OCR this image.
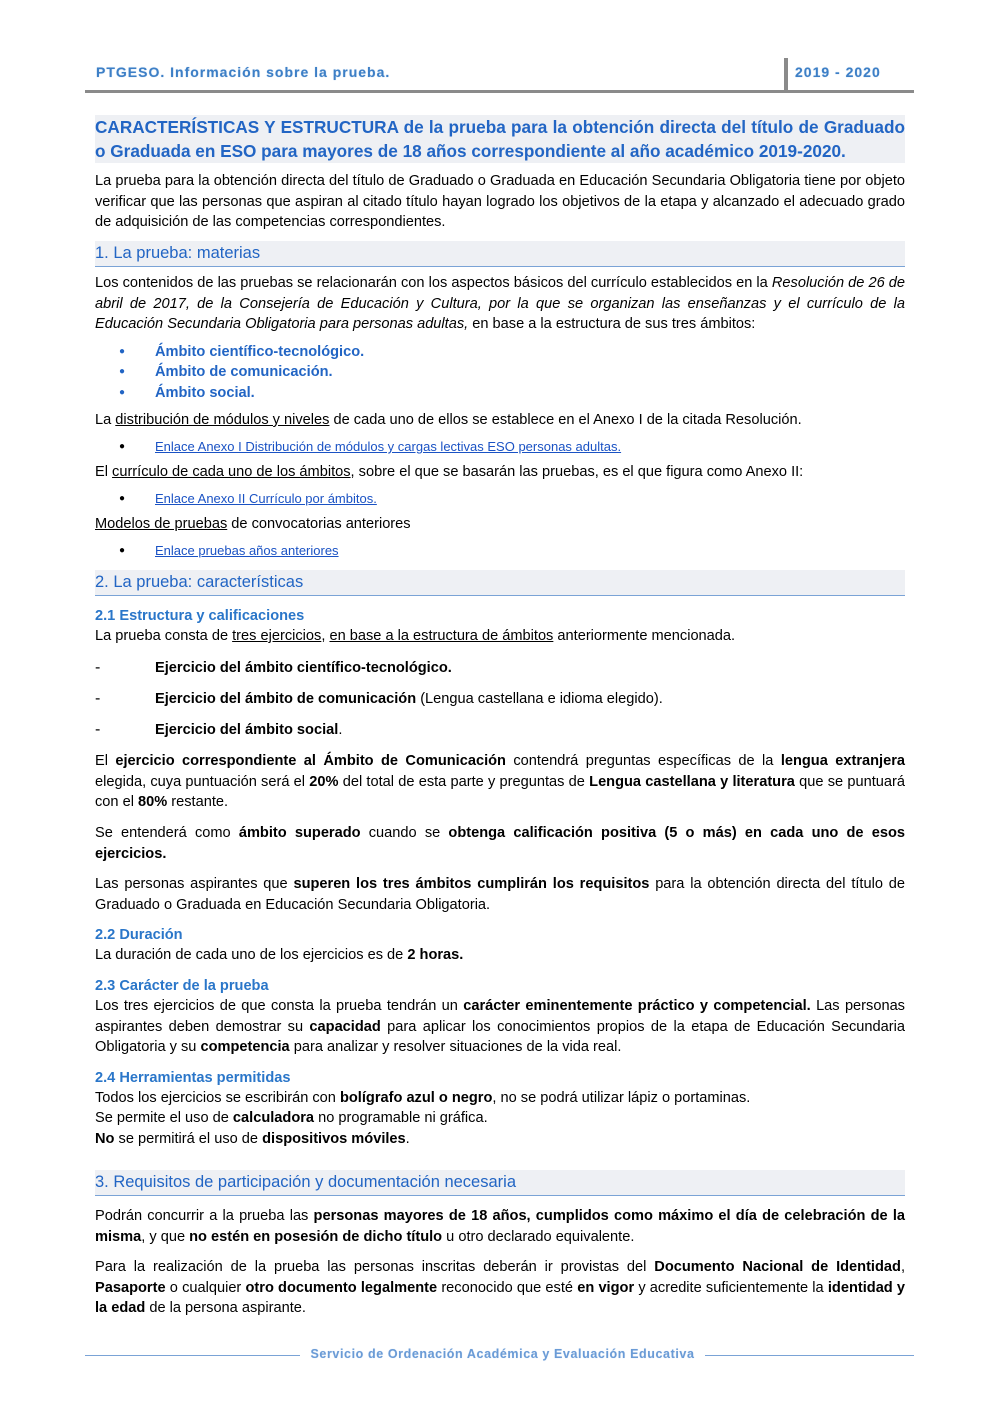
PTGESO. Información sobre la prueba.	2019 - 2020
CARACTERÍSTICAS Y ESTRUCTURA de la prueba para la obtención directa del título de Graduado o Graduada en ESO para mayores de 18 años correspondiente al año académico 2019-2020.
La prueba para la obtención directa del título de Graduado o Graduada en Educación Secundaria Obligatoria tiene por objeto verificar que las personas que aspiran al citado título hayan logrado los objetivos de la etapa y alcanzado el adecuado grado de adquisición de las competencias correspondientes.
1. La prueba: materias
Los contenidos de las pruebas se relacionarán con los aspectos básicos del currículo establecidos en la Resolución de 26 de abril de 2017, de la Consejería de Educación y Cultura, por la que se organizan las enseñanzas y el currículo de la Educación Secundaria Obligatoria para personas adultas, en base a la estructura de sus tres ámbitos:
● Ámbito científico-tecnológico.
● Ámbito de comunicación.
● Ámbito social.
La distribución de módulos y niveles de cada uno de ellos se establece en el Anexo I de la citada Resolución.
● Enlace Anexo I Distribución de módulos y cargas lectivas ESO personas adultas.
El currículo de cada uno de los ámbitos, sobre el que se basarán las pruebas, es el que figura como Anexo II:
● Enlace Anexo II Currículo por ámbitos.
Modelos de pruebas de convocatorias anteriores
● Enlace pruebas años anteriores
2. La prueba: características
2.1 Estructura y calificaciones
La prueba consta de tres ejercicios, en base a la estructura de ámbitos anteriormente mencionada.
-	Ejercicio del ámbito científico-tecnológico.
-	Ejercicio del ámbito de comunicación (Lengua castellana e idioma elegido).
-	Ejercicio del ámbito social.
El ejercicio correspondiente al Ámbito de Comunicación contendrá preguntas específicas de la lengua extranjera elegida, cuya puntuación será el 20% del total de esta parte y preguntas de Lengua castellana y literatura que se puntuará con el 80% restante.
Se entenderá como ámbito superado cuando se obtenga calificación positiva (5 o más) en cada uno de esos ejercicios.
Las personas aspirantes que superen los tres ámbitos cumplirán los requisitos para la obtención directa del título de Graduado o Graduada en Educación Secundaria Obligatoria.
2.2 Duración
La duración de cada uno de los ejercicios es de 2 horas.
2.3 Carácter de la prueba
Los tres ejercicios de que consta la prueba tendrán un carácter eminentemente práctico y competencial. Las personas aspirantes deben demostrar su capacidad para aplicar los conocimientos propios de la etapa de Educación Secundaria Obligatoria y su competencia para analizar y resolver situaciones de la vida real.
2.4 Herramientas permitidas
Todos los ejercicios se escribirán con bolígrafo azul o negro, no se podrá utilizar lápiz o portaminas.
Se permite el uso de calculadora no programable ni gráfica.
No se permitirá el uso de dispositivos móviles.
3. Requisitos de participación y documentación necesaria
Podrán concurrir a la prueba las personas mayores de 18 años, cumplidos como máximo el día de celebración de la misma, y que no estén en posesión de dicho título u otro declarado equivalente.
Para la realización de la prueba las personas inscritas deberán ir provistas del Documento Nacional de Identidad, Pasaporte o cualquier otro documento legalmente reconocido que esté en vigor y acredite suficientemente la identidad y la edad de la persona aspirante.
Servicio de Ordenación Académica y Evaluación Educativa
